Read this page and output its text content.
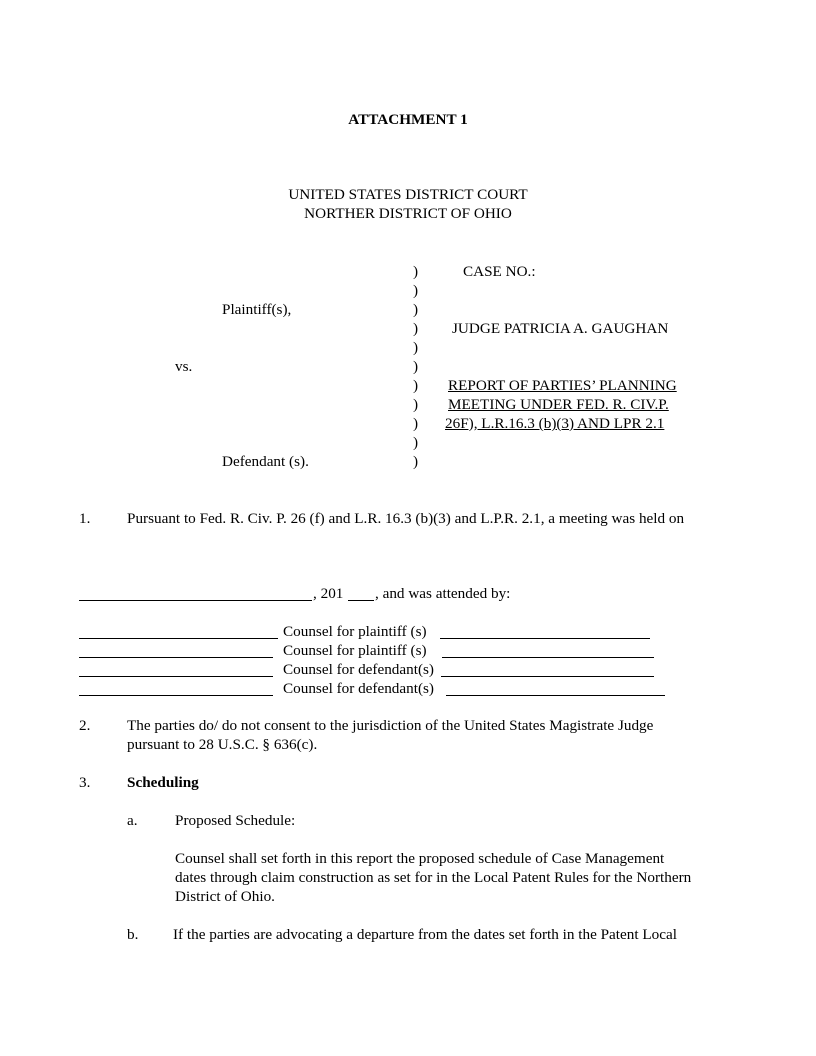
ATTACHMENT 1
UNITED STATES DISTRICT COURT
NORTHER DISTRICT OF OHIO
Plaintiff(s),
vs.
Defendant (s).
)
)
)
)
)
)
)
)
)
)
)
CASE NO.:
JUDGE PATRICIA A. GAUGHAN
REPORT OF PARTIES’ PLANNING
MEETING UNDER FED. R. CIV.P.
26F), L.R.16.3 (b)(3) AND LPR 2.1
1. Pursuant to Fed. R. Civ. P. 26 (f) and L.R. 16.3 (b)(3) and L.P.R. 2.1, a meeting was held on
, 201 , and was attended by:
Counsel for plaintiff (s)
Counsel for plaintiff (s)
Counsel for defendant(s)
Counsel for defendant(s)
2. The parties do/ do not consent to the jurisdiction of the United States Magistrate Judge
pursuant to 28 U.S.C. § 636(c).
3. Scheduling
a. Proposed Schedule:
Counsel shall set forth in this report the proposed schedule of Case Management
dates through claim construction as set for in the Local Patent Rules for the Northern
District of Ohio.
b. If the parties are advocating a departure from the dates set forth in the Patent Local
